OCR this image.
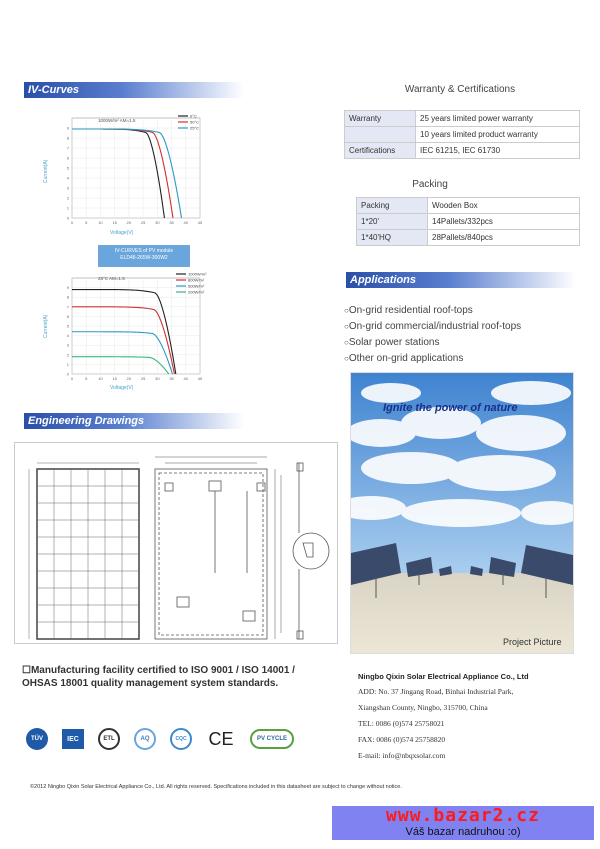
IV-Curves
0	5	10 15 20 25 30 35 40 45
0
1
2
3
4
5
6
7
8
9
0°C
50°C
25°C
1000W/m² AM=1.5
Voltage(V)
Current(A)
IV-CURVES of PV module
ELD48-265W-300W2
0	5	10 15 20 25 30 35 40 45
0
1
2
3
4
5
6
7
8
9
1000W/m²
800W/m²
500W/m²
200W/m²
25°C AM=1.5
Voltage(V)
Current(A)
Warranty & Certifications
Warranty	25 years limited power warranty
	10 years limited product warranty
Certifications	IEC 61215, IEC 61730
Packing
Packing	Wooden Box
1*20'	14Pallets/332pcs
1*40'HQ	28Pallets/840pcs
Applications
○On-grid residential roof-tops
○On-grid commercial/industrial roof-tops
○Solar power stations
○Other on-grid applications
Ignite the power of nature
Project Picture
Engineering Drawings
☐Manufacturing facility certified to ISO 9001 / ISO 14001 /
OHSAS 18001 quality management system standards.
Ningbo Qixin Solar Electrical Appliance Co., Ltd
ADD: No. 37 Jingang Road, Binhai Industrial Park,
Xiangshan County, Ningbo, 315700, China
TEL: 0086 (0)574 25758021
FAX: 0086 (0)574 25758820
E-mail: info@nbqxsolar.com
TÜV	IEC	ETL	AQ	CQC	CE	PV CYCLE
©2012 Ningbo Qixin Solar Electrical Appliance Co., Ltd. All rights reserved. Specifications included in this datasheet are subject to change without notice.
www.bazar2.cz
Váš bazar nadruhou :o)
